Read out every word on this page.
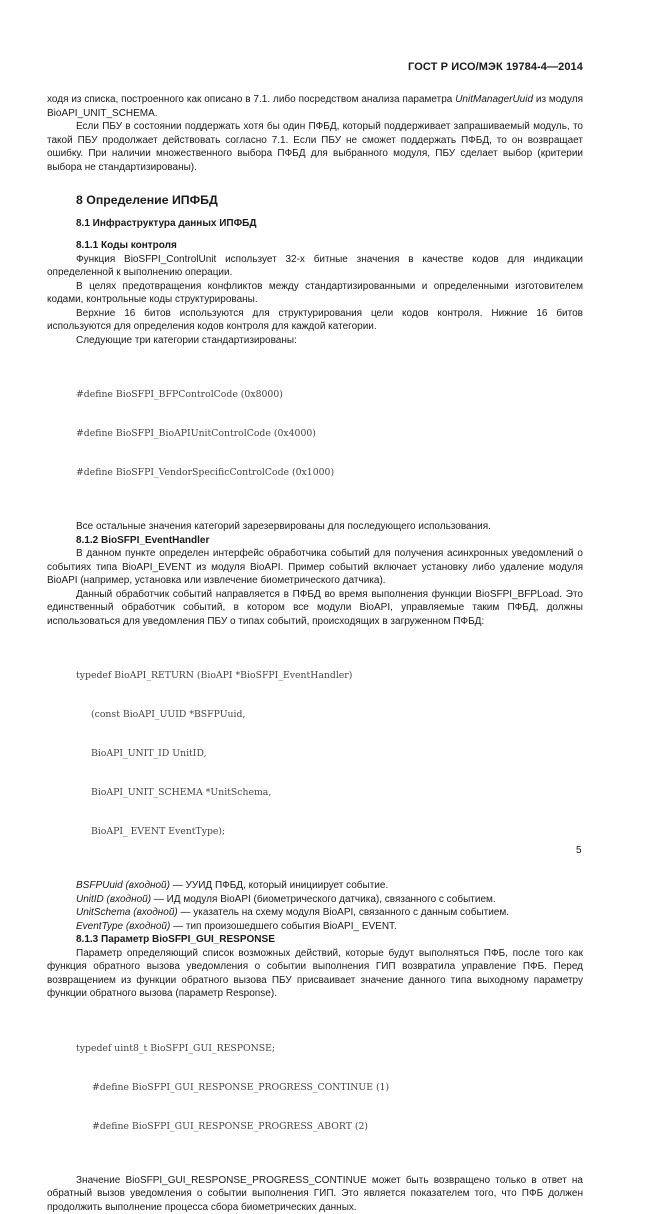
ГОСТ Р ИСО/МЭК 19784-4—2014

ходя из списка, построенного как описано в 7.1. либо посредством анализа параметра UnitManagerUuid из модуля BioAPI_UNIT_SCHEMA.

Если ПБУ в состоянии поддержать хотя бы один ПФБД, который поддерживает запрашиваемый модуль, то такой ПБУ продолжает действовать согласно 7.1. Если ПБУ не сможет поддержать ПФБД, то он возвращает ошибку. При наличии множественного выбора ПФБД для выбранного модуля, ПБУ сделает выбор (критерии выбора не стандартизированы).

8 Определение ИПФБД
8.1 Инфраструктура данных ИПФБД
8.1.1 Коды контроля

Функция BioSFPI_ControlUnit использует 32-х битные значения в качестве кодов для индикации определенной к выполнению операции.

В целях предотвращения конфликтов между стандартизированными и определенными изготовителем кодами, контрольные коды структурированы.

Верхние 16 битов используются для структурирования цели кодов контроля. Нижние 16 битов используются для определения кодов контроля для каждой категории.

Следующие три категории стандартизированы:

#define BioSFPI_BFPControlCode (0x8000)

#define BioSFPI_BioAPIUnitControlCode (0x4000)

#define BioSFPI_VendorSpecificControlCode (0x1000)

Все остальные значения категорий зарезервированы для последующего использования.

8.1.2 BioSFPI_EventHandler

В данном пункте определен интерфейс обработчика событий для получения асинхронных уведомлений о событиях типа BioAPI_EVENT из модуля BioAPI. Пример событий включает установку либо удаление модуля BioAPI (например, установка или извлечение биометрического датчика).

Данный обработчик событий направляется в ПФБД во время выполнения функции BioSFPI_BFPLoad. Это единственный обработчик событий, в котором все модули BioAPI, управляемые таким ПФБД, должны использоваться для уведомления ПБУ о типах событий, происходящих в загруженном ПФБД:

typedef BioAPI_RETURN (BioAPI *BioSFPI_EventHandler)

(const BioAPI_UUID *BSFPUuid,

BioAPI_UNIT_ID UnitID,

BioAPI_UNIT_SCHEMA *UnitSchema,

BioAPI_ EVENT EventType);

BSFPUuid (входной) — УУИД ПФБД, который инициирует событие.

UnitID (входной) — ИД модуля BioAPI (биометрического датчика), связанного с событием.

UnitSchema (входной) — указатель на схему модуля BioAPI, связанного с данным событием.

EventType (входной) — тип произошедшего события BioAPI_ EVENT.

8.1.3 Параметр BioSFPI_GUI_RESPONSE

Параметр определяющий список возможных действий, которые будут выполняться ПФБ, после того как функция обратного вызова уведомления о событии выполнения ГИП возвратила управление ПФБ. Перед возвращением из функции обратного вызова ПБУ присваивает значение данного типа выходному параметру функции обратного вызова (параметр Response).

typedef uint8_t BioSFPI_GUI_RESPONSE;

#define BioSFPI_GUI_RESPONSE_PROGRESS_CONTINUE (1)

#define BioSFPI_GUI_RESPONSE_PROGRESS_ABORT (2)

Значение BioSFPI_GUI_RESPONSE_PROGRESS_CONTINUE может быть возвращено только в ответ на обратный вызов уведомления о событии выполнения ГИП. Это является показателем того, что ПФБ должен продолжить выполнение процесса сбора биометрических данных.

5
